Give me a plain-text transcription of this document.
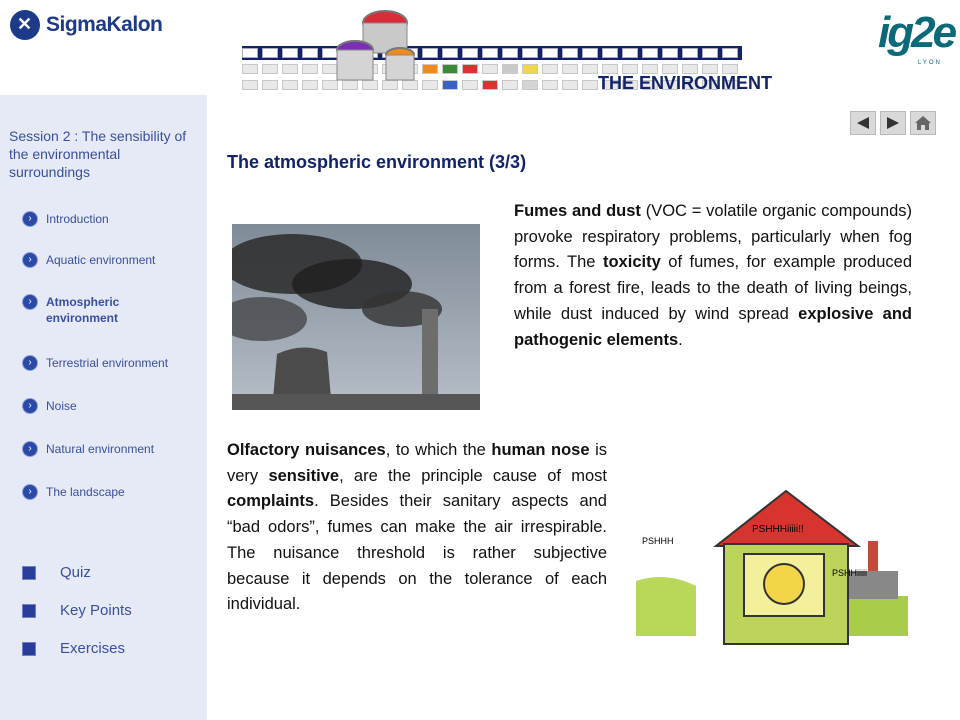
✕
SigmaKalon	ig2e
LYON
THE ENVIRONMENT
Session 2 : The sensibility of the environmental surroundings
›	Introduction
›	Aquatic environment
›	Atmospheric environment
›	Terrestrial environment
›	Noise
›	Natural environment
›	The landscape
Quiz
Key Points
Exercises
The atmospheric environment (3/3)

Fumes and dust (VOC = volatile organic compounds) provoke respiratory problems, particularly when fog forms. The toxicity of fumes, for example produced from a forest fire, leads to the death of living beings, while dust induced by wind spread explosive and pathogenic elements.

Olfactory nuisances, to which the human nose is very sensitive, are the principle cause of most complaints. Besides their sanitary aspects and “bad odors”, fumes can make the air irrespirable. The nuisance threshold is rather subjective because it depends on the tolerance of each individual.

PSHHH
PSHHHiiiii!!
PSHHiiiii
